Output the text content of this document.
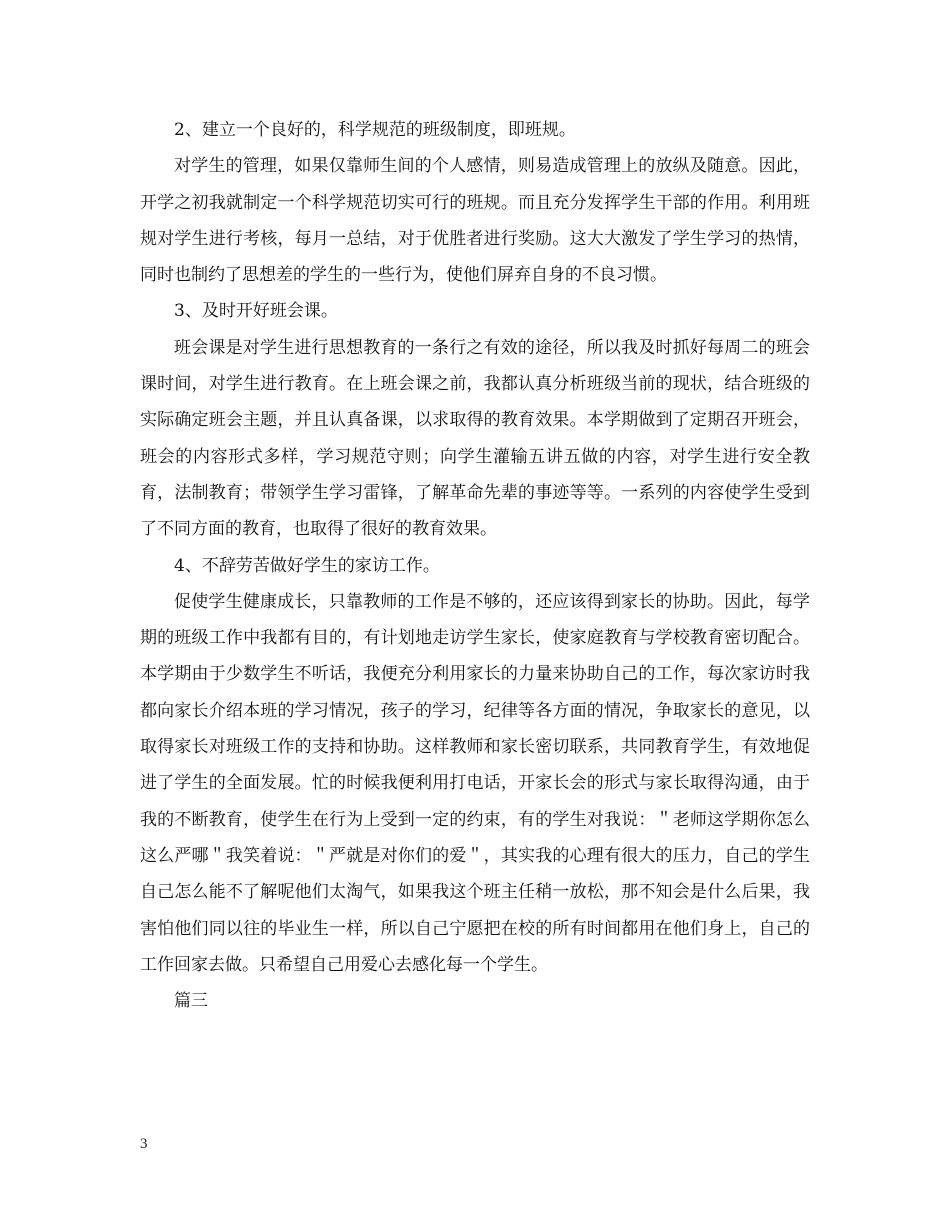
2、建立一个良好的，科学规范的班级制度，即班规。

对学生的管理，如果仅靠师生间的个人感情，则易造成管理上的放纵及随意。因此，开学之初我就制定一个科学规范切实可行的班规。而且充分发挥学生干部的作用。利用班规对学生进行考核，每月一总结，对于优胜者进行奖励。这大大激发了学生学习的热情，同时也制约了思想差的学生的一些行为，使他们屏弃自身的不良习惯。

3、及时开好班会课。

班会课是对学生进行思想教育的一条行之有效的途径，所以我及时抓好每周二的班会课时间，对学生进行教育。在上班会课之前，我都认真分析班级当前的现状，结合班级的实际确定班会主题，并且认真备课，以求取得的教育效果。本学期做到了定期召开班会，班会的内容形式多样，学习规范守则；向学生灌输五讲五做的内容，对学生进行安全教育，法制教育；带领学生学习雷锋，了解革命先辈的事迹等等。一系列的内容使学生受到了不同方面的教育，也取得了很好的教育效果。

4、不辞劳苦做好学生的家访工作。

促使学生健康成长，只靠教师的工作是不够的，还应该得到家长的协助。因此，每学期的班级工作中我都有目的，有计划地走访学生家长，使家庭教育与学校教育密切配合。本学期由于少数学生不听话，我便充分利用家长的力量来协助自己的工作，每次家访时我都向家长介绍本班的学习情况，孩子的学习，纪律等各方面的情况，争取家长的意见，以取得家长对班级工作的支持和协助。这样教师和家长密切联系，共同教育学生，有效地促进了学生的全面发展。忙的时候我便利用打电话，开家长会的形式与家长取得沟通，由于我的不断教育，使学生在行为上受到一定的约束，有的学生对我说：＂老师这学期你怎么这么严哪＂我笑着说：＂严就是对你们的爱＂，其实我的心理有很大的压力，自己的学生自己怎么能不了解呢他们太淘气，如果我这个班主任稍一放松，那不知会是什么后果，我害怕他们同以往的毕业生一样，所以自己宁愿把在校的所有时间都用在他们身上，自己的工作回家去做。只希望自己用爱心去感化每一个学生。

篇三

3
